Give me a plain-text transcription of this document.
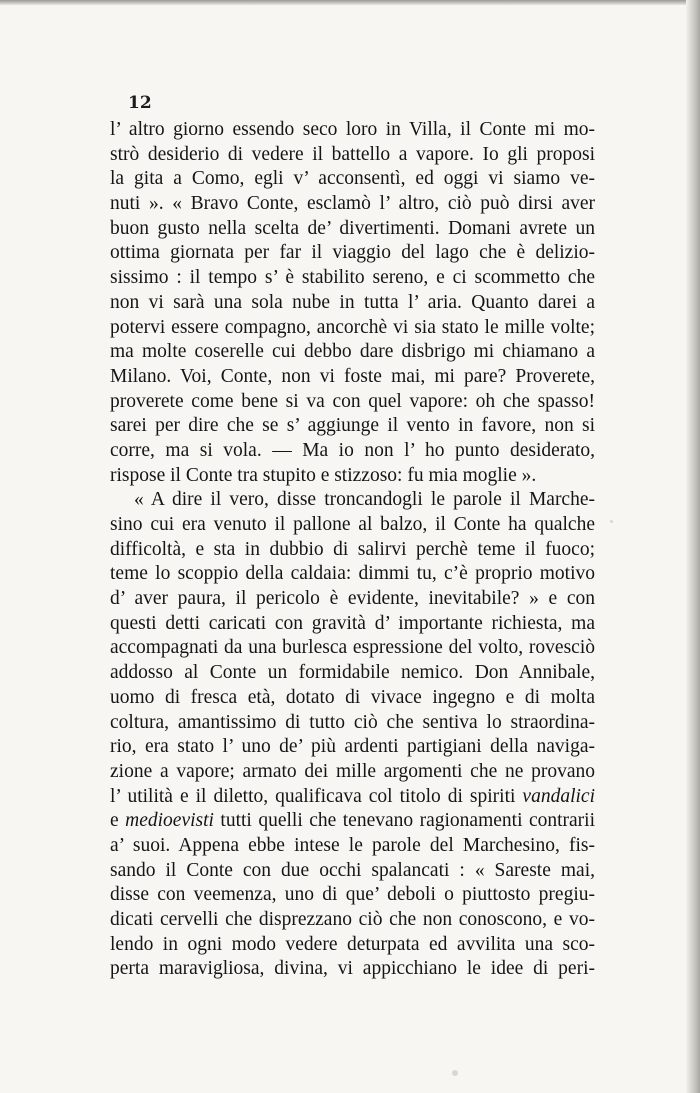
12
l’ altro giorno essendo seco loro in Villa, il Conte mi mo-
strò desiderio di vedere il battello a vapore. Io gli proposi
la gita a Como, egli v’ acconsentì, ed oggi vi siamo ve-
nuti ». « Bravo Conte, esclamò l’ altro, ciò può dirsi aver
buon gusto nella scelta de’ divertimenti. Domani avrete un
ottima giornata per far il viaggio del lago che è delizio-
sissimo : il tempo s’ è stabilito sereno, e ci scommetto che
non vi sarà una sola nube in tutta l’ aria. Quanto darei a
potervi essere compagno, ancorchè vi sia stato le mille volte;
ma molte coserelle cui debbo dare disbrigo mi chiamano a
Milano. Voi, Conte, non vi foste mai, mi pare? Proverete,
proverete come bene si va con quel vapore: oh che spasso!
sarei per dire che se s’ aggiunge il vento in favore, non si
corre, ma si vola. — Ma io non l’ ho punto desiderato,
rispose il Conte tra stupito e stizzoso: fu mia moglie ».
« A dire il vero, disse troncandogli le parole il Marche-
sino cui era venuto il pallone al balzo, il Conte ha qualche
difficoltà, e sta in dubbio di salirvi perchè teme il fuoco;
teme lo scoppio della caldaia: dimmi tu, c’è proprio motivo
d’ aver paura, il pericolo è evidente, inevitabile? » e con
questi detti caricati con gravità d’ importante richiesta, ma
accompagnati da una burlesca espressione del volto, rovesciò
addosso al Conte un formidabile nemico. Don Annibale,
uomo di fresca età, dotato di vivace ingegno e di molta
coltura, amantissimo di tutto ciò che sentiva lo straordina-
rio, era stato l’ uno de’ più ardenti partigiani della naviga-
zione a vapore; armato dei mille argomenti che ne provano
l’ utilità e il diletto, qualificava col titolo di spiriti vandalici
e medioevisti tutti quelli che tenevano ragionamenti contrarii
a’ suoi. Appena ebbe intese le parole del Marchesino, fis-
sando il Conte con due occhi spalancati : « Sareste mai,
disse con veemenza, uno di que’ deboli o piuttosto pregiu-
dicati cervelli che disprezzano ciò che non conoscono, e vo-
lendo in ogni modo vedere deturpata ed avvilita una sco-
perta maravigliosa, divina, vi appicchiano le idee di peri-
